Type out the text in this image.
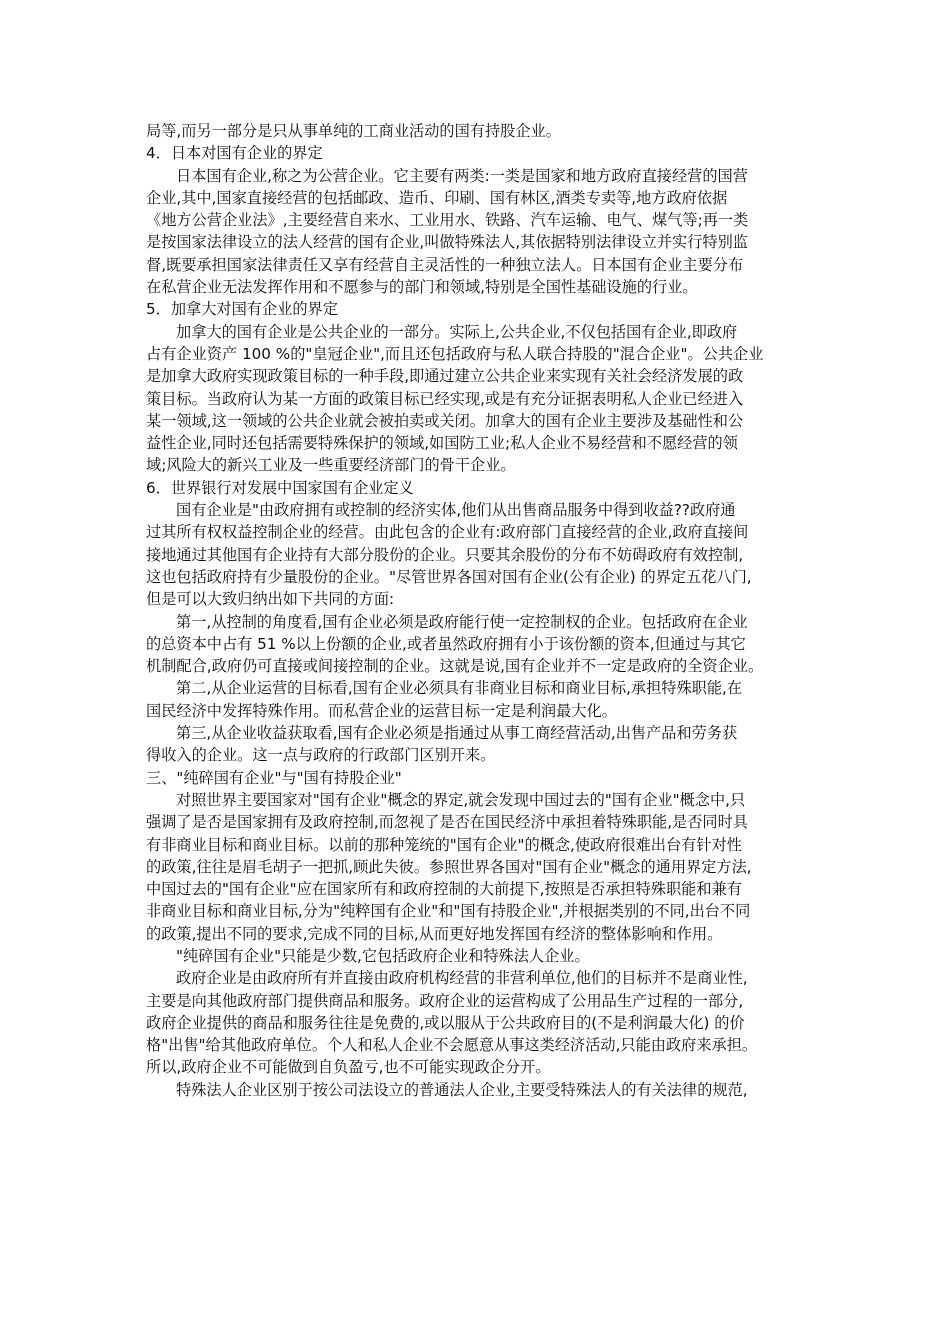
局等,而另一部分是只从事单纯的工商业活动的国有持股企业。
4．日本对国有企业的界定
日本国有企业,称之为公营企业。它主要有两类:一类是国家和地方政府直接经营的国营
企业,其中,国家直接经营的包括邮政、造币、印刷、国有林区,酒类专卖等,地方政府依据
《地方公营企业法》,主要经营自来水、工业用水、铁路、汽车运输、电气、煤气等;再一类
是按国家法律设立的法人经营的国有企业,叫做特殊法人,其依据特别法律设立并实行特别监
督,既要承担国家法律责任又享有经营自主灵活性的一种独立法人。日本国有企业主要分布
在私营企业无法发挥作用和不愿参与的部门和领域,特别是全国性基础设施的行业。
5．加拿大对国有企业的界定
加拿大的国有企业是公共企业的一部分。实际上,公共企业,不仅包括国有企业,即政府
占有企业资产 100 %的"皇冠企业",而且还包括政府与私人联合持股的"混合企业"。公共企业
是加拿大政府实现政策目标的一种手段,即通过建立公共企业来实现有关社会经济发展的政
策目标。当政府认为某一方面的政策目标已经实现,或是有充分证据表明私人企业已经进入
某一领域,这一领域的公共企业就会被拍卖或关闭。加拿大的国有企业主要涉及基础性和公
益性企业,同时还包括需要特殊保护的领域,如国防工业;私人企业不易经营和不愿经营的领
域;风险大的新兴工业及一些重要经济部门的骨干企业。
6．世界银行对发展中国家国有企业定义
国有企业是"由政府拥有或控制的经济实体,他们从出售商品服务中得到收益??政府通
过其所有权权益控制企业的经营。由此包含的企业有:政府部门直接经营的企业,政府直接间
接地通过其他国有企业持有大部分股份的企业。只要其余股份的分布不妨碍政府有效控制,
这也包括政府持有少量股份的企业。"尽管世界各国对国有企业(公有企业) 的界定五花八门,
但是可以大致归纳出如下共同的方面:
第一,从控制的角度看,国有企业必须是政府能行使一定控制权的企业。包括政府在企业
的总资本中占有 51 %以上份额的企业,或者虽然政府拥有小于该份额的资本,但通过与其它
机制配合,政府仍可直接或间接控制的企业。这就是说,国有企业并不一定是政府的全资企业。
第二,从企业运营的目标看,国有企业必须具有非商业目标和商业目标,承担特殊职能,在
国民经济中发挥特殊作用。而私营企业的运营目标一定是利润最大化。
第三,从企业收益获取看,国有企业必须是指通过从事工商经营活动,出售产品和劳务获
得收入的企业。这一点与政府的行政部门区别开来。
三、"纯碎国有企业"与"国有持股企业"
对照世界主要国家对"国有企业"概念的界定,就会发现中国过去的"国有企业"概念中,只
强调了是否是国家拥有及政府控制,而忽视了是否在国民经济中承担着特殊职能,是否同时具
有非商业目标和商业目标。以前的那种笼统的"国有企业"的概念,使政府很难出台有针对性
的政策,往往是眉毛胡子一把抓,顾此失彼。参照世界各国对"国有企业"概念的通用界定方法,
中国过去的"国有企业"应在国家所有和政府控制的大前提下,按照是否承担特殊职能和兼有
非商业目标和商业目标,分为"纯粹国有企业"和"国有持股企业",并根据类别的不同,出台不同
的政策,提出不同的要求,完成不同的目标,从而更好地发挥国有经济的整体影响和作用。
"纯碎国有企业"只能是少数,它包括政府企业和特殊法人企业。
政府企业是由政府所有并直接由政府机构经营的非营利单位,他们的目标并不是商业性,
主要是向其他政府部门提供商品和服务。政府企业的运营构成了公用品生产过程的一部分,
政府企业提供的商品和服务往往是免费的,或以服从于公共政府目的(不是利润最大化) 的价
格"出售"给其他政府单位。个人和私人企业不会愿意从事这类经济活动,只能由政府来承担。
所以,政府企业不可能做到自负盈亏,也不可能实现政企分开。
特殊法人企业区别于按公司法设立的普通法人企业,主要受特殊法人的有关法律的规范,
